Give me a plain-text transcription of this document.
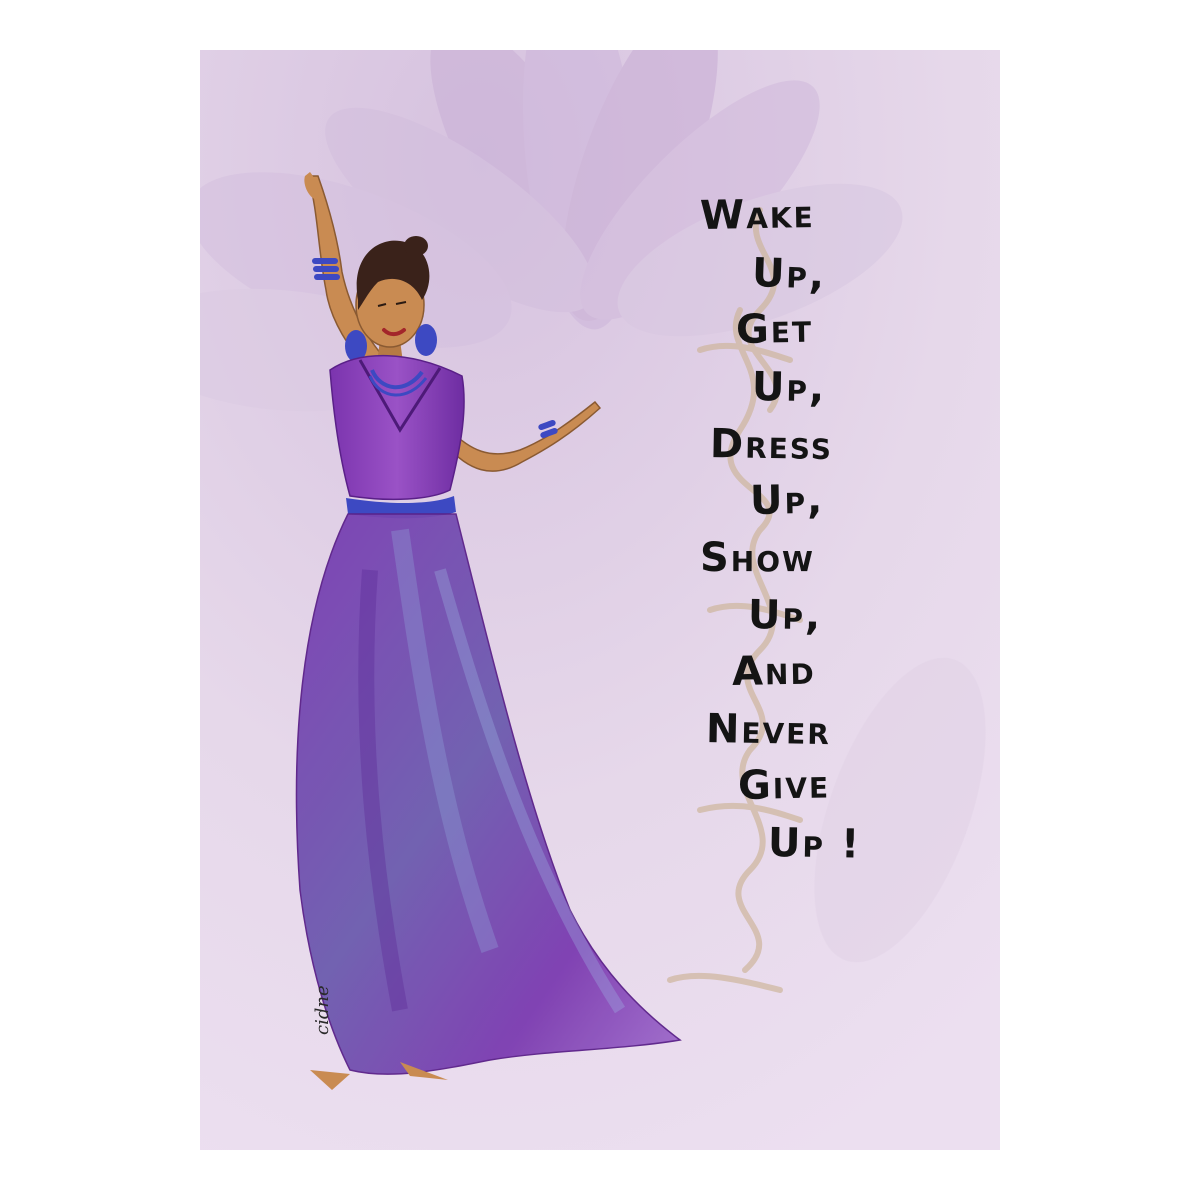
Wake
Up,
Get
Up,
Dress
Up,
Show
Up,
And
Never
Give
Up !
cidne
